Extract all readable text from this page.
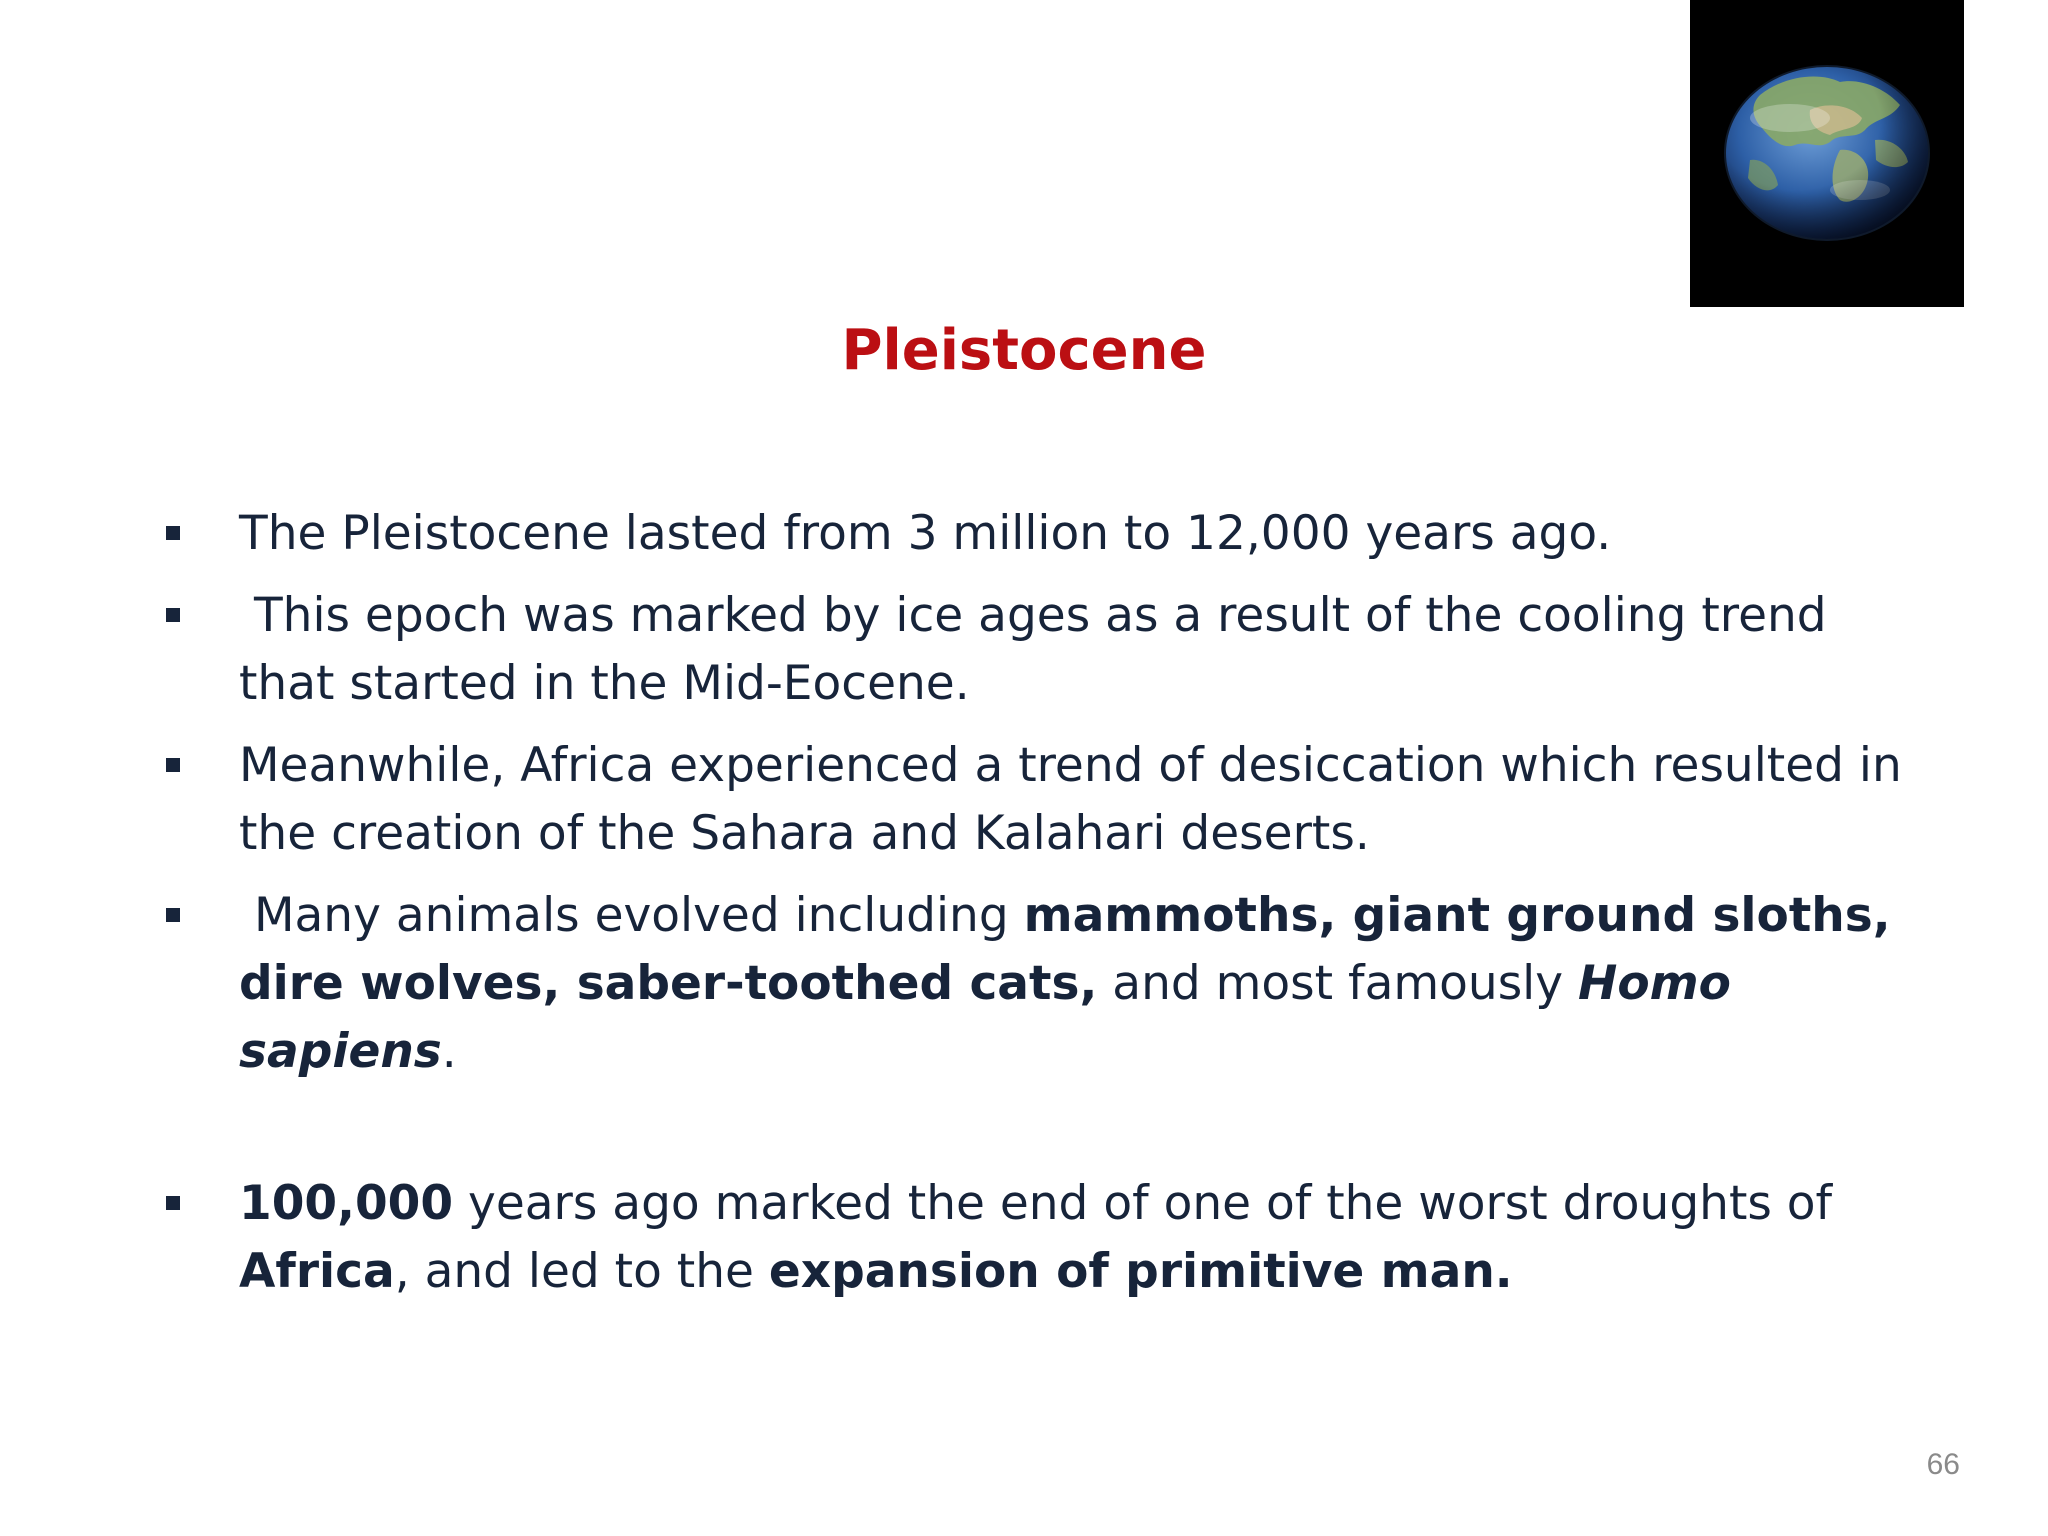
Pleistocene
The Pleistocene lasted from 3 million to 12,000 years ago.
This epoch was marked by ice ages as a result of the cooling trend that started in the Mid-Eocene.
Meanwhile, Africa experienced a trend of desiccation which resulted in the creation of the Sahara and Kalahari deserts.
Many animals evolved including mammoths, giant ground sloths, dire wolves, saber-toothed cats, and most famously Homo sapiens.
100,000 years ago marked the end of one of the worst droughts of Africa, and led to the expansion of primitive man.
66
